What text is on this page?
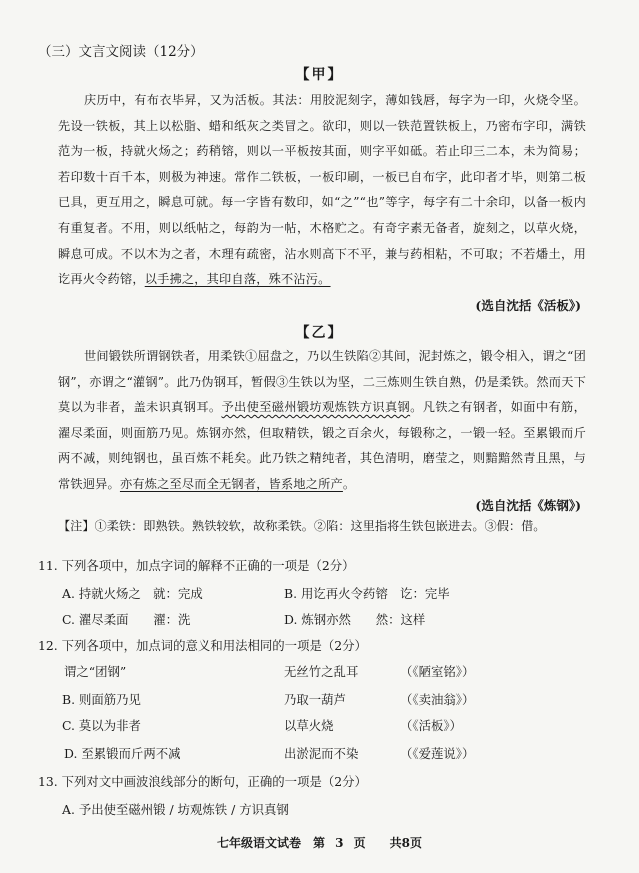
（三）文言文阅读（12分）
【甲】

庆历中，有布衣毕昇，又为活板。其法：用胶泥刻字，薄如钱唇，每字为一印，火烧令坚。先设一铁板，其上以松脂、蜡和纸灰之类冒之。欲印，则以一铁范置铁板上，乃密布字印，满铁范为一板，持就火炀之；药稍镕，则以一平板按其面，则字平如砥。若止印三二本，未为简易；若印数十百千本，则极为神速。常作二铁板，一板印刷，一板已自布字，此印者才毕，则第二板已具，更互用之，瞬息可就。每一字皆有数印，如“之”“也”等字，每字有二十余印，以备一板内有重复者。不用，则以纸帖之，每韵为一帖，木格贮之。有奇字素无备者，旋刻之，以草火烧，瞬息可成。不以木为之者，木理有疏密，沾水则高下不平，兼与药相粘，不可取；不若燔土，用讫再火令药镕，以手拂之，其印自落，殊不沾污。

(选自沈括《活板》)
【乙】

世间锻铁所谓钢铁者，用柔铁①屈盘之，乃以生铁陷②其间，泥封炼之，锻令相入，谓之“团钢”，亦谓之“灌钢”。此乃伪钢耳，暂假③生铁以为坚，二三炼则生铁自熟，仍是柔铁。然而天下莫以为非者，盖未识真钢耳。予出使至磁州锻坊观炼铁方识真钢。凡铁之有钢者，如面中有筋，濯尽柔面，则面筋乃见。炼钢亦然，但取精铁，锻之百余火，每锻称之，一锻一轻。至累锻而斤两不减，则纯钢也，虽百炼不耗矣。此乃铁之精纯者，其色清明，磨莹之，则黯黯然青且黑，与常铁迥异。亦有炼之至尽而全无钢者，皆系地之所产。

(选自沈括《炼钢》)
【注】①柔铁：即熟铁。熟铁较软，故称柔铁。②陷：这里指将生铁包嵌进去。③假：借。
11. 下列各项中，加点字词的解释不正确的一项是（2分）
A. 持就火炀之　就：完成	B. 用讫再火令药镕　讫：完毕
C. 濯尽柔面　　濯：洗	D. 炼钢亦然　　然：这样
12. 下列各项中，加点词的意义和用法相同的一项是（2分）
谓之“团钢”	无丝竹之乱耳	（《陋室铭》）
B. 则面筋乃见	乃取一葫芦	（《卖油翁》）
C. 莫以为非者	以草火烧	（《活板》）
D. 至累锻而斤两不减	出淤泥而不染	（《爱莲说》）
13. 下列对文中画波浪线部分的断句，正确的一项是（2分）
A. 予出使至磁州锻 / 坊观炼铁 / 方识真钢
七年级语文试卷　第 3 页　　共8页
